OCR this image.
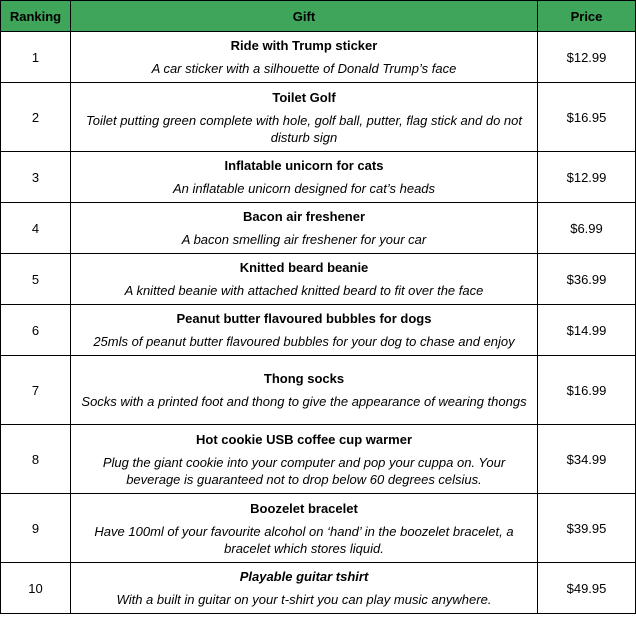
Ranking	Gift	Price
1	Ride with Trump sticker
A car sticker with a silhouette of Donald Trump’s face	$12.99
2	Toilet Golf
Toilet putting green complete with hole, golf ball, putter, flag stick and do not disturb sign	$16.95
3	Inflatable unicorn for cats
An inflatable unicorn designed for cat’s heads	$12.99
4	Bacon air freshener
A bacon smelling air freshener for your car	$6.99
5	Knitted beard beanie
A knitted beanie with attached knitted beard to fit over the face	$36.99
6	Peanut butter flavoured bubbles for dogs
25mls of peanut butter flavoured bubbles for your dog to chase and enjoy	$14.99
7	Thong socks
Socks with a printed foot and thong to give the appearance of wearing thongs	$16.99
8	Hot cookie USB coffee cup warmer
Plug the giant cookie into your computer and pop your cuppa on. Your beverage is guaranteed not to drop below 60 degrees celsius.	$34.99
9	Boozelet bracelet
Have 100ml of your favourite alcohol on ‘hand’ in the boozelet bracelet, a bracelet which stores liquid.	$39.95
10	Playable guitar tshirt
With a built in guitar on your t-shirt you can play music anywhere.	$49.95
